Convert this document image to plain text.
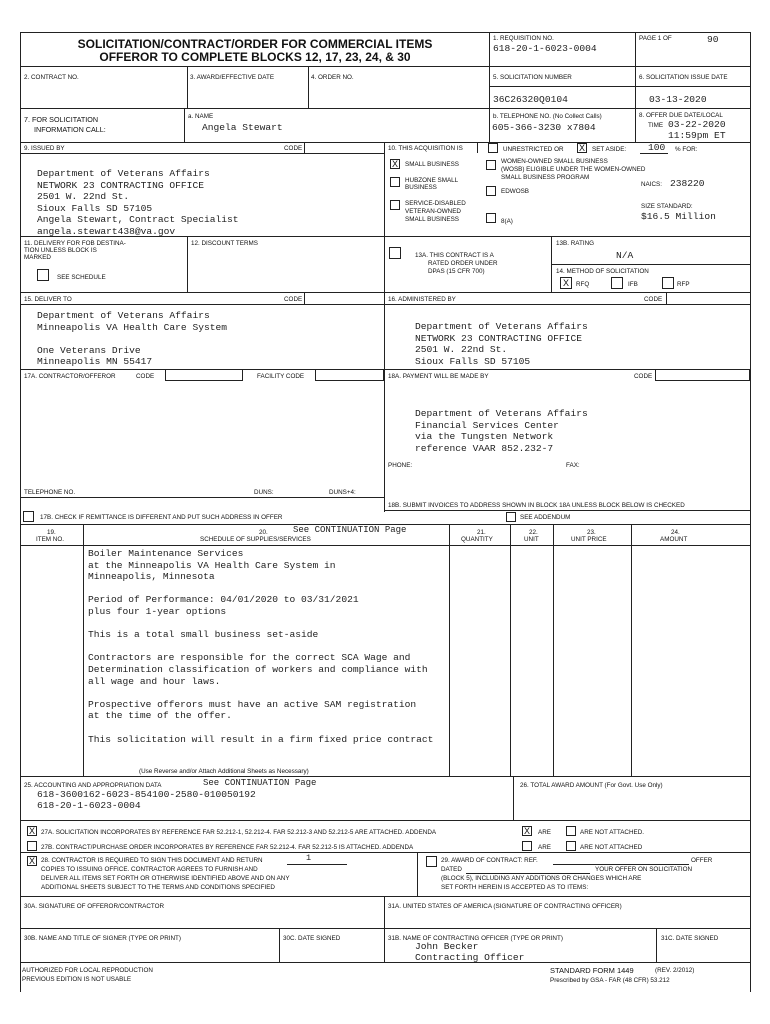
SOLICITATION/CONTRACT/ORDER FOR COMMERCIAL ITEMS
OFFEROR TO COMPLETE BLOCKS 12, 17, 23, 24, & 30
1. REQUISITION NO.
618-20-1-6023-0004
PAGE 1 OF	90
2. CONTRACT NO.	3. AWARD/EFFECTIVE DATE	4. ORDER NO.	5. SOLICITATION NUMBER	6. SOLICITATION ISSUE DATE
36C26320Q0104	03-13-2020
7. FOR SOLICITATION
INFORMATION CALL:
a. NAME
Angela Stewart
b. TELEPHONE NO. (No Collect Calls)
605-366-3230 x7804
8. OFFER DUE DATE/LOCAL
TIME 03-22-2020
11:59pm ET
9. ISSUED BY	CODE
Department of Veterans Affairs
NETWORK 23 CONTRACTING OFFICE
2501 W. 22nd St.
Sioux Falls SD 57105
Angela Stewart, Contract Specialist
angela.stewart438@va.gov
10. THIS ACQUISITION IS	UNRESTRICTED OR X SET ASIDE: 100 % FOR:
X SMALL BUSINESS
HUBZONE SMALL
BUSINESS
SERVICE-DISABLED
VETERAN-OWNED
SMALL BUSINESS
WOMEN-OWNED SMALL BUSINESS
(WOSB) ELIGIBLE UNDER THE WOMEN-OWNED
SMALL BUSINESS PROGRAM
EDWOSB
8(A)
NAICS: 238220
SIZE STANDARD:
$16.5 Million
11. DELIVERY FOR FOB DESTINA-
TION UNLESS BLOCK IS
MARKED
SEE SCHEDULE
12. DISCOUNT TERMS
13A. THIS CONTRACT IS A
RATED ORDER UNDER
DPAS (15 CFR 700)
13B. RATING
N/A
14. METHOD OF SOLICITATION
X	RFQ	IFB	RFP
15. DELIVER TO	CODE
Department of Veterans Affairs
Minneapolis VA Health Care System
One Veterans Drive
Minneapolis MN 55417
16. ADMINISTERED BY	CODE
Department of Veterans Affairs
NETWORK 23 CONTRACTING OFFICE
2501 W. 22nd St.
Sioux Falls SD 57105
17A. CONTRACTOR/OFFEROR	CODE	FACILITY CODE	18A. PAYMENT WILL BE MADE BY	CODE
Department of Veterans Affairs
Financial Services Center
via the Tungsten Network
reference VAAR 852.232-7
PHONE:	FAX:
TELEPHONE NO.	DUNS:	DUNS+4:
17B. CHECK IF REMITTANCE IS DIFFERENT AND PUT SUCH ADDRESS IN OFFER
18B. SUBMIT INVOICES TO ADDRESS SHOWN IN BLOCK 18A UNLESS BLOCK BELOW IS CHECKED
SEE ADDENDUM
19.
ITEM NO.
20.	See CONTINUATION Page
SCHEDULE OF SUPPLIES/SERVICES
21.
QUANTITY
22.
UNIT
23.
UNIT PRICE
24.
AMOUNT
Boiler Maintenance Services
at the Minneapolis VA Health Care System in
Minneapolis, Minnesota
Period of Performance: 04/01/2020 to 03/31/2021
plus four 1-year options
This is a total small business set-aside
Contractors are responsible for the correct SCA Wage and
Determination classification of workers and compliance with
all wage and hour laws.
Prospective offerors must have an active SAM registration
at the time of the offer.
This solicitation will result in a firm fixed price contract
(Use Reverse and/or Attach Additional Sheets as Necessary)
25. ACCOUNTING AND APPROPRIATION DATA	See CONTINUATION Page
618-3600162-6023-854100-2580-010050192
618-20-1-6023-0004
26. TOTAL AWARD AMOUNT (For Govt. Use Only)
X 27A. SOLICITATION INCORPORATES BY REFERENCE FAR 52.212-1, 52.212-4. FAR 52.212-3 AND 52.212-5 ARE ATTACHED. ADDENDA	X ARE	ARE NOT ATTACHED.
27B. CONTRACT/PURCHASE ORDER INCORPORATES BY REFERENCE FAR 52.212-4. FAR 52.212-5 IS ATTACHED. ADDENDA	ARE	ARE NOT ATTACHED
X 28. CONTRACTOR IS REQUIRED TO SIGN THIS DOCUMENT AND RETURN	1
COPIES TO ISSUING OFFICE. CONTRACTOR AGREES TO FURNISH AND
DELIVER ALL ITEMS SET FORTH OR OTHERWISE IDENTIFIED ABOVE AND ON ANY
ADDITIONAL SHEETS SUBJECT TO THE TERMS AND CONDITIONS SPECIFIED
29. AWARD OF CONTRACT: REF.	OFFER
DATED	YOUR OFFER ON SOLICITATION
(BLOCK 5), INCLUDING ANY ADDITIONS OR CHANGES WHICH ARE
SET FORTH HEREIN IS ACCEPTED AS TO ITEMS:
30A. SIGNATURE OF OFFEROR/CONTRACTOR	31A. UNITED STATES OF AMERICA (SIGNATURE OF CONTRACTING OFFICER)
30B. NAME AND TITLE OF SIGNER (TYPE OR PRINT)	30C. DATE SIGNED	31B. NAME OF CONTRACTING OFFICER (TYPE OR PRINT)
John Becker
Contracting Officer
31C. DATE SIGNED
AUTHORIZED FOR LOCAL REPRODUCTION
PREVIOUS EDITION IS NOT USABLE
STANDARD FORM 1449	(REV. 2/2012)
Prescribed by GSA - FAR (48 CFR) 53.212
